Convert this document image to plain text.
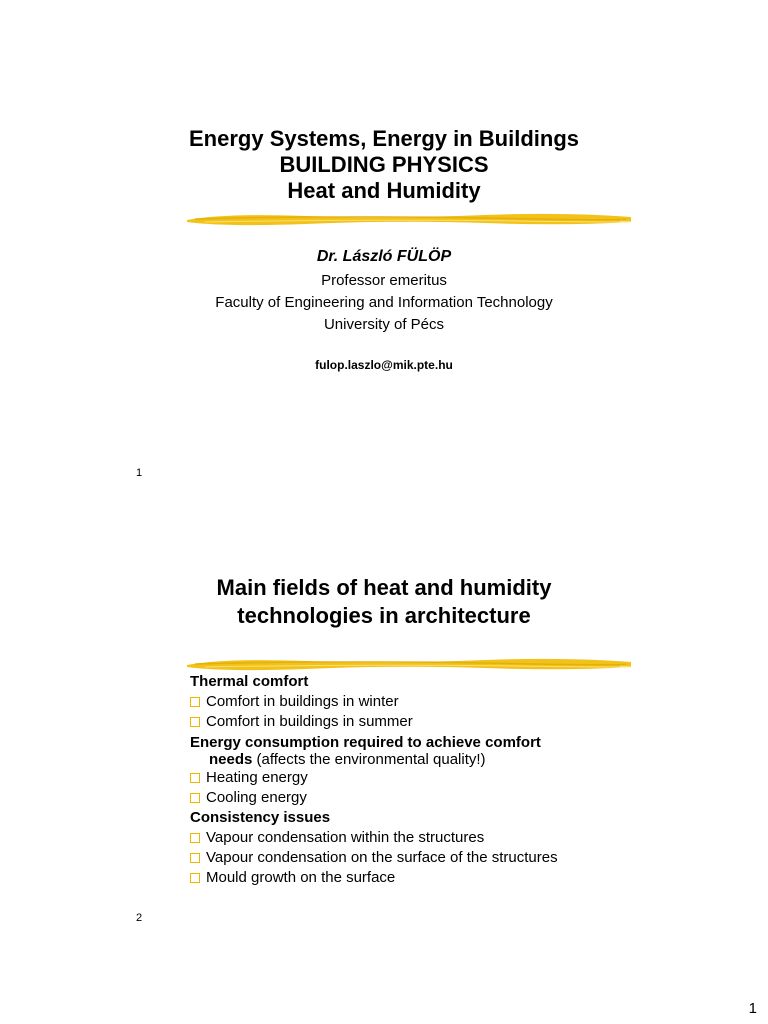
Energy Systems, Energy in Buildings
BUILDING PHYSICS
Heat and Humidity
Dr. László FÜLÖP
Professor emeritus
Faculty of Engineering and Information Technology
University of Pécs
fulop.laszlo@mik.pte.hu
1
Main fields of heat and humidity
technologies in architecture
Thermal comfort
Comfort in buildings in winter
Comfort in buildings in summer
Energy consumption required to achieve comfort
needs (affects the environmental quality!)
Heating energy
Cooling energy
Consistency issues
Vapour condensation within the structures
Vapour condensation on the surface of the structures
Mould growth on the surface
2
1
